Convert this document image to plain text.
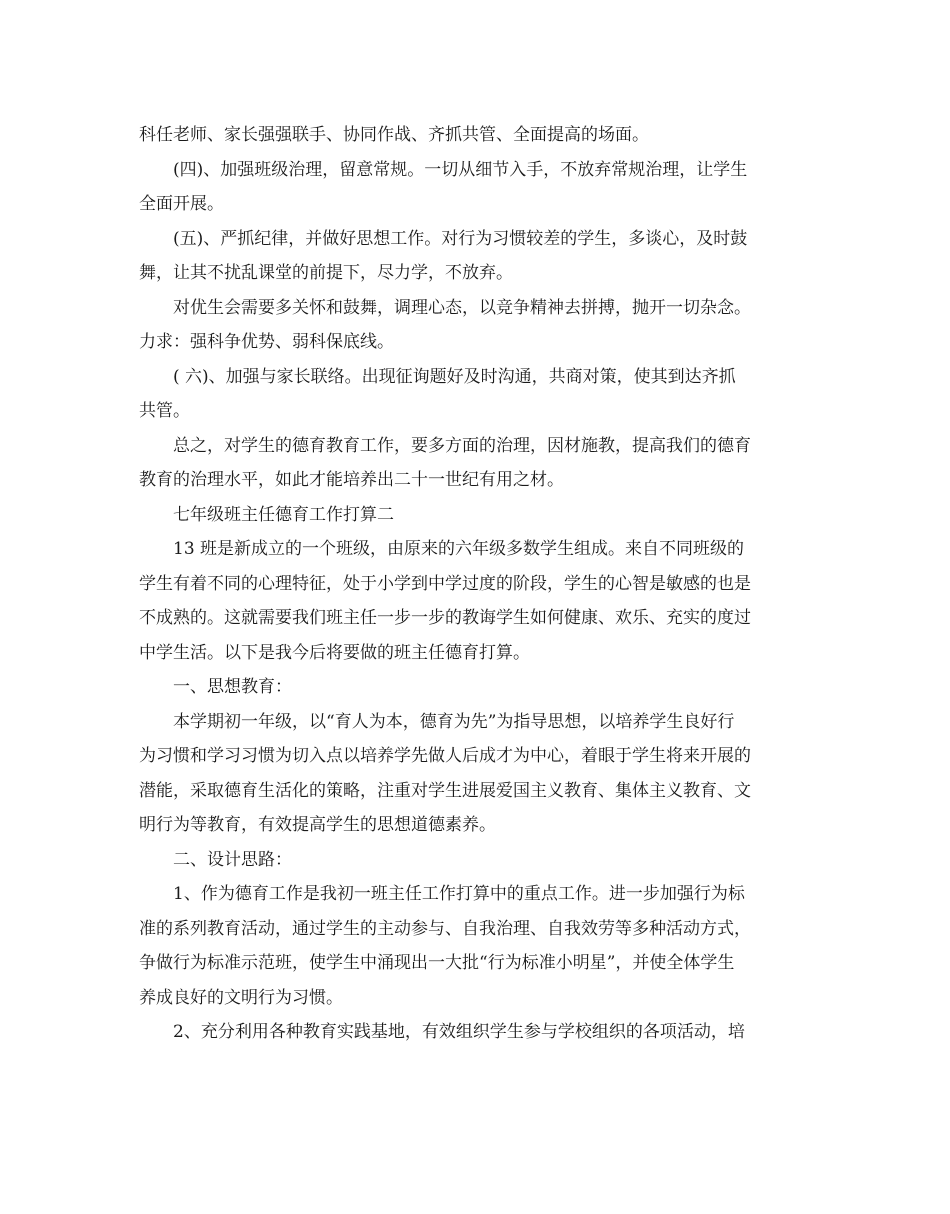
科任老师、家长强强联手、协同作战、齐抓共管、全面提高的场面。
(四)、加强班级治理，留意常规。一切从细节入手，不放弃常规治理，让学生
全面开展。
(五)、严抓纪律，并做好思想工作。对行为习惯较差的学生，多谈心，及时鼓
舞，让其不扰乱课堂的前提下，尽力学，不放弃。
对优生会需要多关怀和鼓舞，调理心态，以竞争精神去拼搏，抛开一切杂念。
力求：强科争优势、弱科保底线。
( 六)、加强与家长联络。出现征询题好及时沟通，共商对策，使其到达齐抓
共管。
总之，对学生的德育教育工作，要多方面的治理，因材施教，提高我们的德育
教育的治理水平，如此才能培养出二十一世纪有用之材。
七年级班主任德育工作打算二
13 班是新成立的一个班级，由原来的六年级多数学生组成。来自不同班级的
学生有着不同的心理特征，处于小学到中学过度的阶段，学生的心智是敏感的也是
不成熟的。这就需要我们班主任一步一步的教诲学生如何健康、欢乐、充实的度过
中学生活。以下是我今后将要做的班主任德育打算。
一、思想教育：
本学期初一年级，以“育人为本，德育为先”为指导思想，以培养学生良好行
为习惯和学习习惯为切入点以培养学先做人后成才为中心，着眼于学生将来开展的
潜能，采取德育生活化的策略，注重对学生进展爱国主义教育、集体主义教育、文
明行为等教育，有效提高学生的思想道德素养。
二、设计思路：
1、作为德育工作是我初一班主任工作打算中的重点工作。进一步加强行为标
准的系列教育活动，通过学生的主动参与、自我治理、自我效劳等多种活动方式，
争做行为标准示范班，使学生中涌现出一大批“行为标准小明星”，并使全体学生
养成良好的文明行为习惯。
2、充分利用各种教育实践基地，有效组织学生参与学校组织的各项活动，培
